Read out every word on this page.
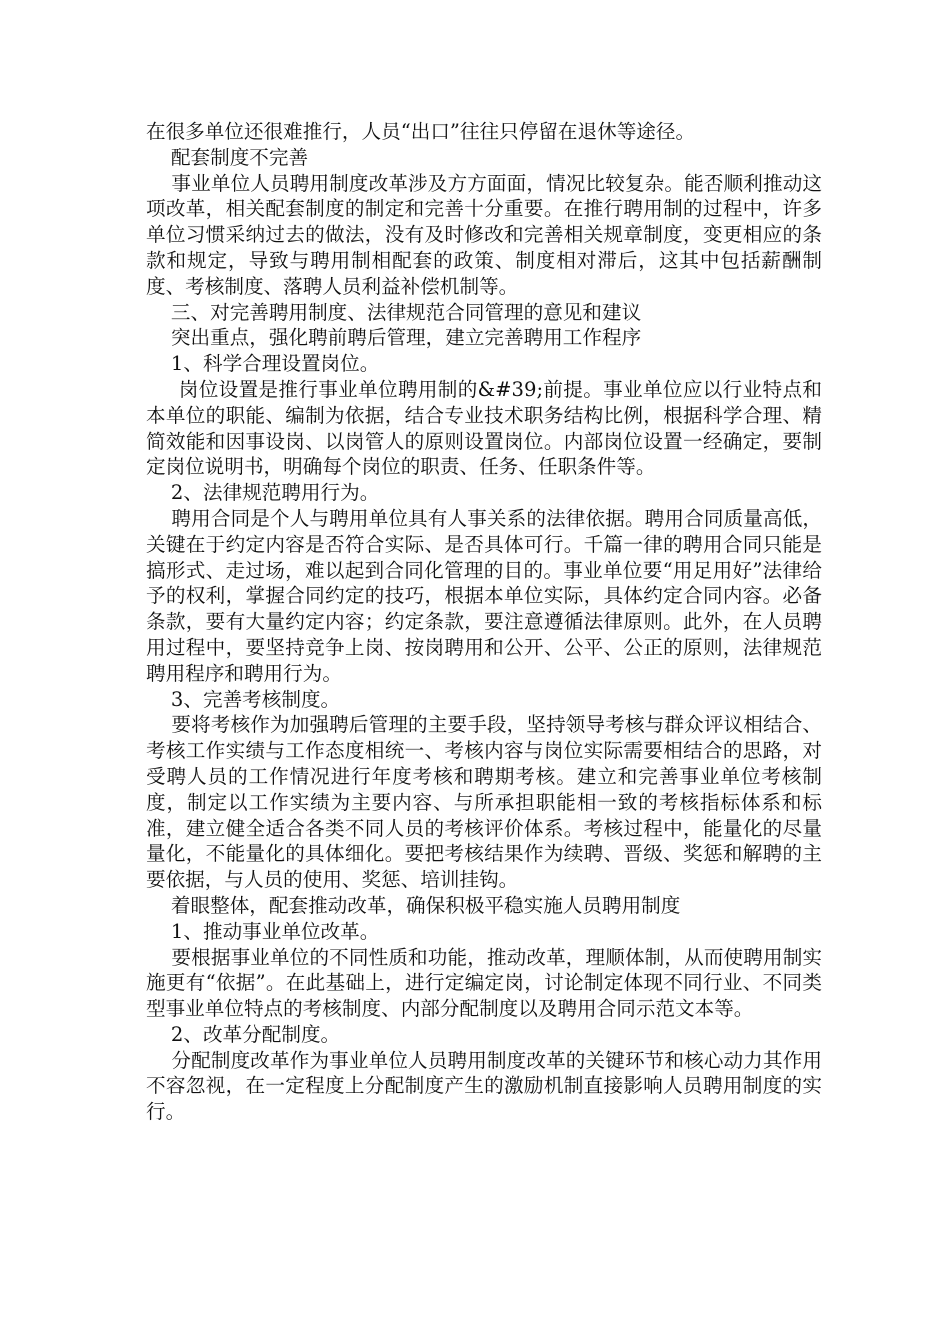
在很多单位还很难推行，人员“出口”往往只停留在退休等途径。

配套制度不完善

事业单位人员聘用制度改革涉及方方面面，情况比较复杂。能否顺利推动这项改革，相关配套制度的制定和完善十分重要。在推行聘用制的过程中，许多单位习惯采纳过去的做法，没有及时修改和完善相关规章制度，变更相应的条款和规定，导致与聘用制相配套的政策、制度相对滞后，这其中包括薪酬制度、考核制度、落聘人员利益补偿机制等。

三、对完善聘用制度、法律规范合同管理的意见和建议

突出重点，强化聘前聘后管理，建立完善聘用工作程序

1、科学合理设置岗位。

岗位设置是推行事业单位聘用制的&#39;前提。事业单位应以行业特点和本单位的职能、编制为依据，结合专业技术职务结构比例，根据科学合理、精简效能和因事设岗、以岗管人的原则设置岗位。内部岗位设置一经确定，要制定岗位说明书，明确每个岗位的职责、任务、任职条件等。

2、法律规范聘用行为。

聘用合同是个人与聘用单位具有人事关系的法律依据。聘用合同质量高低，关键在于约定内容是否符合实际、是否具体可行。千篇一律的聘用合同只能是搞形式、走过场，难以起到合同化管理的目的。事业单位要“用足用好”法律给予的权利，掌握合同约定的技巧，根据本单位实际，具体约定合同内容。必备条款，要有大量约定内容；约定条款，要注意遵循法律原则。此外，在人员聘用过程中，要坚持竞争上岗、按岗聘用和公开、公平、公正的原则，法律规范聘用程序和聘用行为。

3、完善考核制度。

要将考核作为加强聘后管理的主要手段，坚持领导考核与群众评议相结合、考核工作实绩与工作态度相统一、考核内容与岗位实际需要相结合的思路，对受聘人员的工作情况进行年度考核和聘期考核。建立和完善事业单位考核制度，制定以工作实绩为主要内容、与所承担职能相一致的考核指标体系和标准，建立健全适合各类不同人员的考核评价体系。考核过程中，能量化的尽量量化，不能量化的具体细化。要把考核结果作为续聘、晋级、奖惩和解聘的主要依据，与人员的使用、奖惩、培训挂钩。

着眼整体，配套推动改革，确保积极平稳实施人员聘用制度

1、推动事业单位改革。

要根据事业单位的不同性质和功能，推动改革，理顺体制，从而使聘用制实施更有“依据”。在此基础上，进行定编定岗，讨论制定体现不同行业、不同类型事业单位特点的考核制度、内部分配制度以及聘用合同示范文本等。

2、改革分配制度。

分配制度改革作为事业单位人员聘用制度改革的关键环节和核心动力其作用不容忽视，在一定程度上分配制度产生的激励机制直接影响人员聘用制度的实行。
